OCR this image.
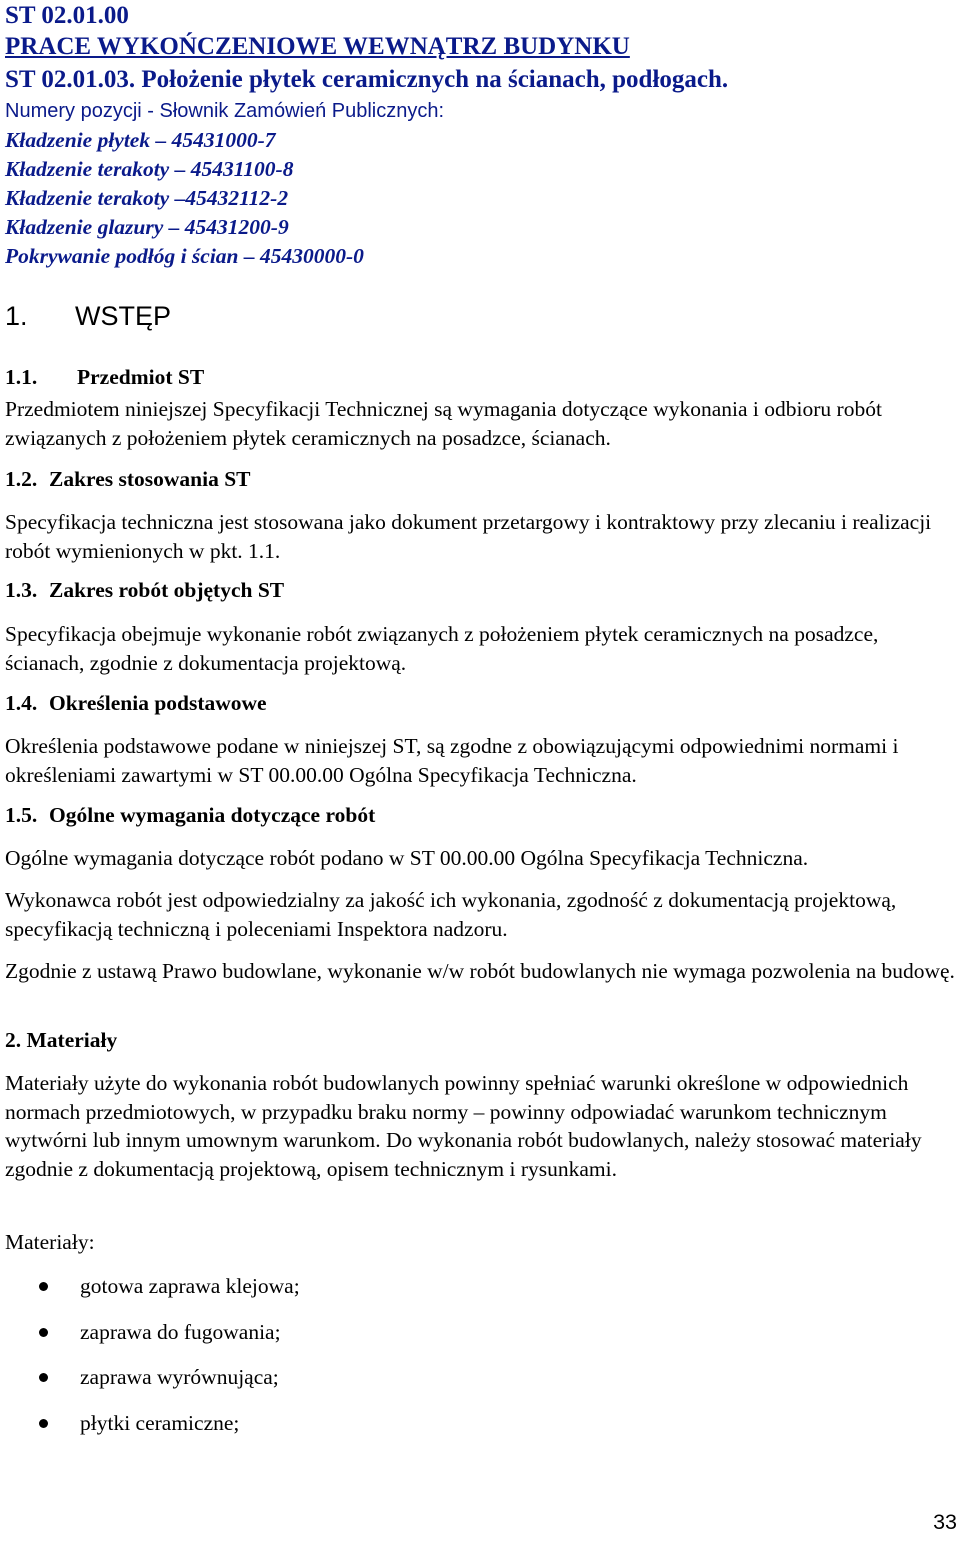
ST 02.01.00
PRACE WYKOŃCZENIOWE WEWNĄTRZ BUDYNKU
ST 02.01.03. Położenie płytek ceramicznych na ścianach, podłogach.
Numery pozycji - Słownik Zamówień Publicznych:
Kładzenie płytek – 45431000-7
Kładzenie terakoty – 45431100-8
Kładzenie terakoty –45432112-2
Kładzenie glazury – 45431200-9
Pokrywanie podłóg i ścian – 45430000-0
1. WSTĘP
1.1. Przedmiot ST
Przedmiotem niniejszej Specyfikacji Technicznej są wymagania dotyczące wykonania i odbioru robót związanych z położeniem płytek ceramicznych na posadzce, ścianach.
1.2. Zakres stosowania ST
Specyfikacja techniczna jest stosowana jako dokument przetargowy i kontraktowy przy zlecaniu i realizacji robót wymienionych w pkt. 1.1.
1.3. Zakres robót objętych ST
Specyfikacja obejmuje wykonanie robót związanych z położeniem płytek ceramicznych na posadzce, ścianach, zgodnie z dokumentacja projektową.
1.4. Określenia podstawowe
Określenia podstawowe podane w niniejszej ST, są zgodne z obowiązującymi odpowiednimi normami i określeniami zawartymi w ST 00.00.00 Ogólna Specyfikacja Techniczna.
1.5. Ogólne wymagania dotyczące robót
Ogólne wymagania dotyczące robót podano w ST 00.00.00 Ogólna Specyfikacja Techniczna.
Wykonawca robót jest odpowiedzialny za jakość ich wykonania, zgodność z dokumentacją projektową, specyfikacją techniczną i poleceniami Inspektora nadzoru.
Zgodnie z ustawą Prawo budowlane, wykonanie w/w robót budowlanych nie wymaga pozwolenia na budowę.
2. Materiały
Materiały użyte do wykonania robót budowlanych powinny spełniać warunki określone w odpowiednich normach przedmiotowych, w przypadku braku normy – powinny odpowiadać warunkom technicznym wytwórni lub innym umownym warunkom. Do wykonania robót budowlanych, należy stosować materiały zgodnie z dokumentacją projektową, opisem technicznym i rysunkami.
Materiały:
gotowa zaprawa klejowa;
zaprawa do fugowania;
zaprawa wyrównująca;
płytki ceramiczne;
33
